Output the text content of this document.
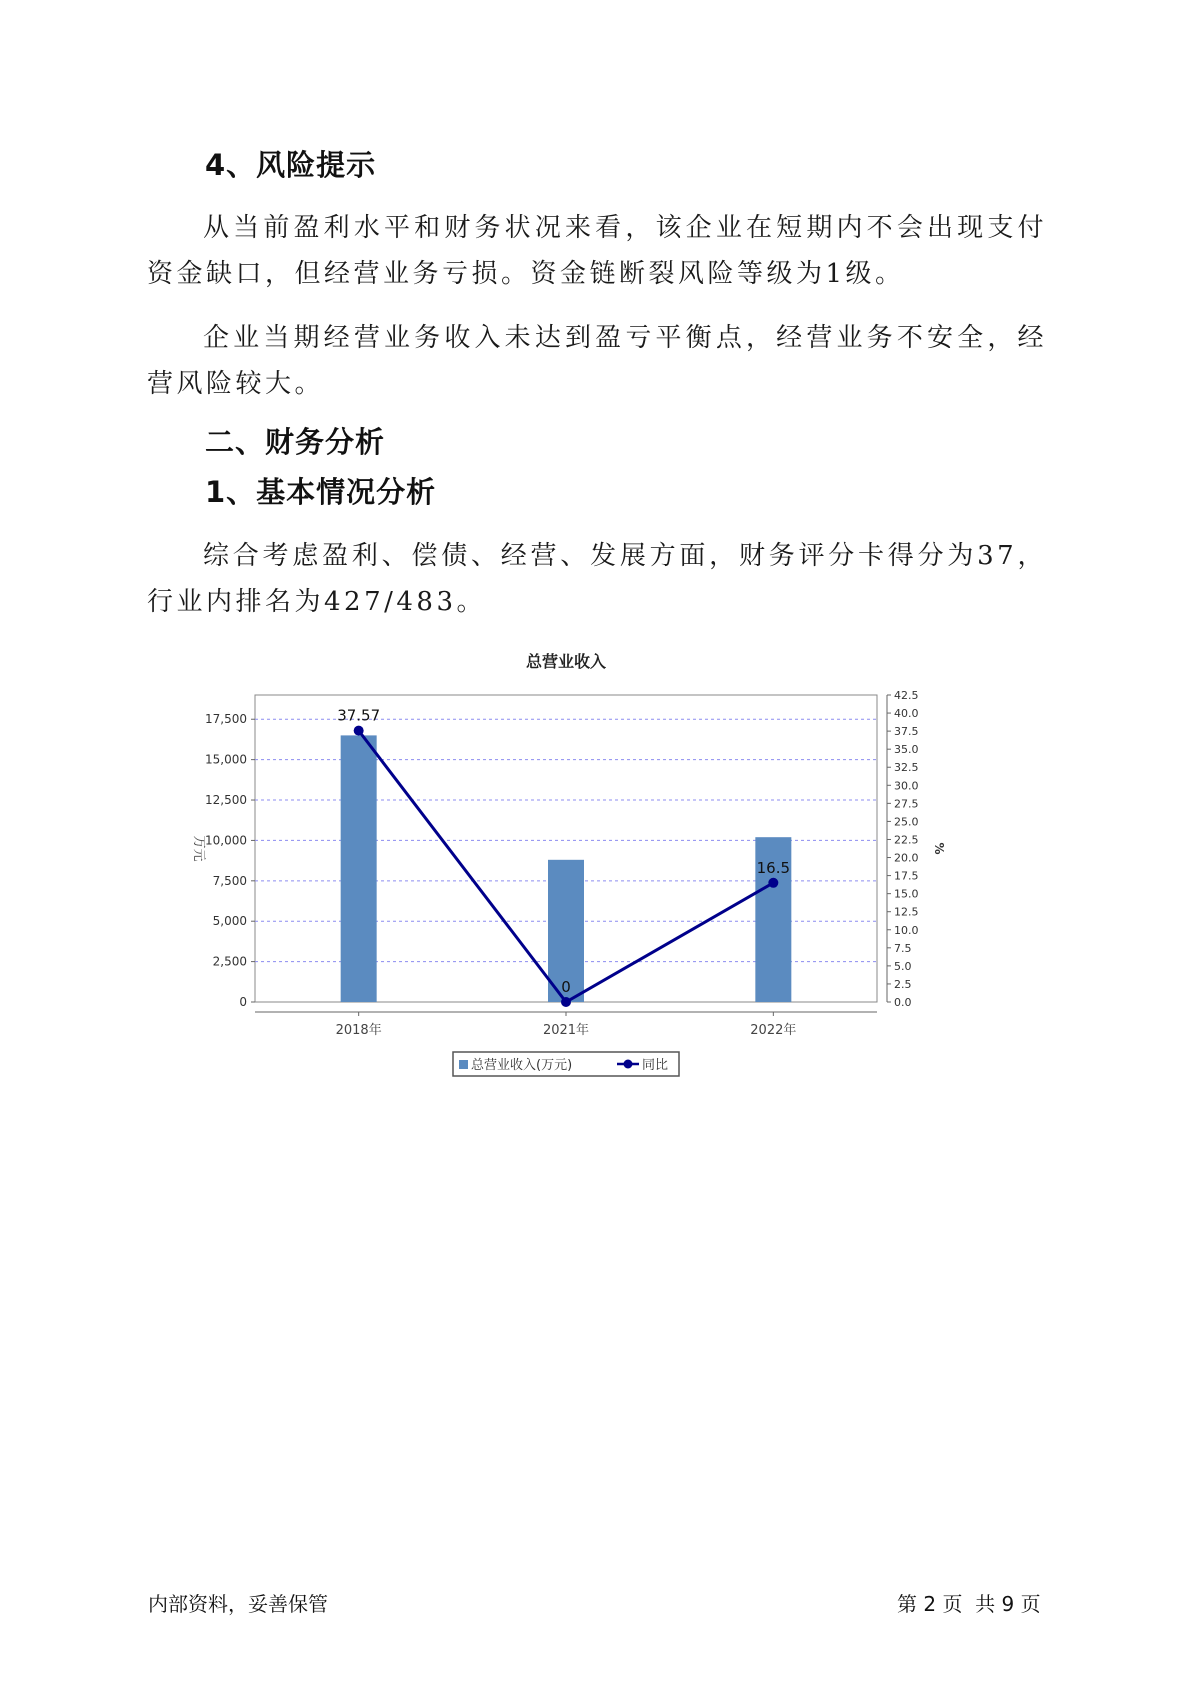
4、风险提示
从当前盈利水平和财务状况来看，该企业在短期内不会出现支付资金缺口，但经营业务亏损。资金链断裂风险等级为1级。
企业当期经营业务收入未达到盈亏平衡点，经营业务不安全，经营风险较大。
二、财务分析
1、基本情况分析
综合考虑盈利、偿债、经营、发展方面，财务评分卡得分为37，行业内排名为427/483。
总营业收入
0
2,500
5,000
7,500
10,000
12,500
15,000
17,500
0.0
2.5
5.0
7.5
10.0
12.5
15.0
17.5
20.0
22.5
25.0
27.5
30.0
32.5
35.0
37.5
40.0
42.5
万元	%
2018年	2021年	2022年
37.57
0
16.5
总营业收入(万元)	同比
内部资料，妥善保管	第 2 页  共 9 页
